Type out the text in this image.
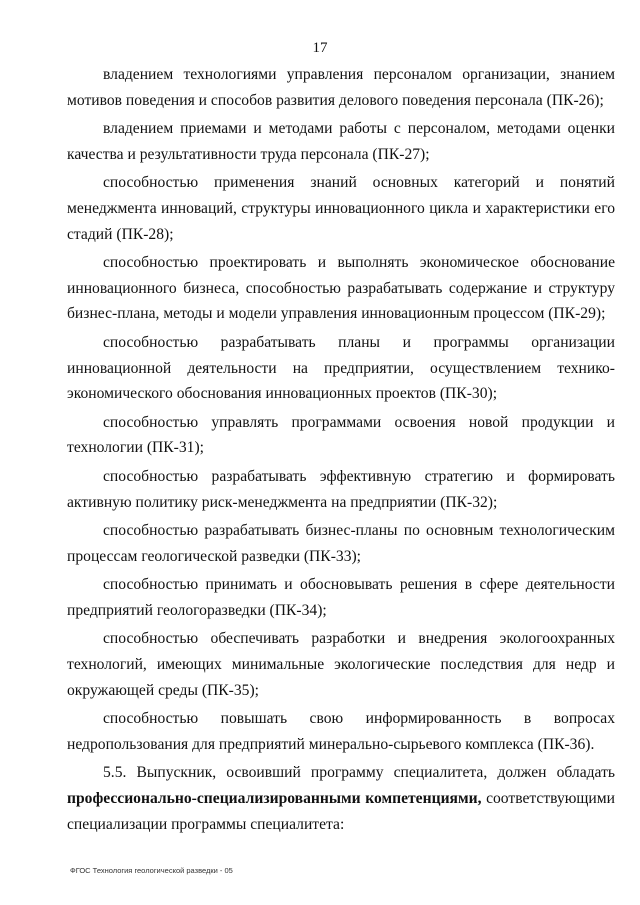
17

владением технологиями управления персоналом организации, знанием мотивов поведения и способов развития делового поведения персонала (ПК-26);

владением приемами и методами работы с персоналом, методами оценки качества и результативности труда персонала (ПК-27);

способностью применения знаний основных категорий и понятий менеджмента инноваций, структуры инновационного цикла и характеристики его стадий (ПК-28);

способностью проектировать и выполнять экономическое обоснование инновационного бизнеса, способностью разрабатывать содержание и структуру бизнес-плана, методы и модели управления инновационным процессом (ПК-29);

способностью разрабатывать планы и программы организации инновационной деятельности на предприятии, осуществлением технико-экономического обоснования инновационных проектов (ПК-30);

способностью управлять программами освоения новой продукции и технологии (ПК-31);

способностью разрабатывать эффективную стратегию и формировать активную политику риск-менеджмента на предприятии (ПК-32);

способностью разрабатывать бизнес-планы по основным технологическим процессам геологической разведки (ПК-33);

способностью принимать и обосновывать решения в сфере деятельности предприятий геологоразведки (ПК-34);

способностью обеспечивать разработки и внедрения экологоохранных технологий, имеющих минимальные экологические последствия для недр и окружающей среды (ПК-35);

способностью повышать свою информированность в вопросах недропользования для предприятий минерально-сырьевого комплекса (ПК-36).

5.5. Выпускник, освоивший программу специалитета, должен обладать профессионально-специализированными компетенциями, соответствующими специализации программы специалитета:

ФГОС Технология геологической разведки - 05
